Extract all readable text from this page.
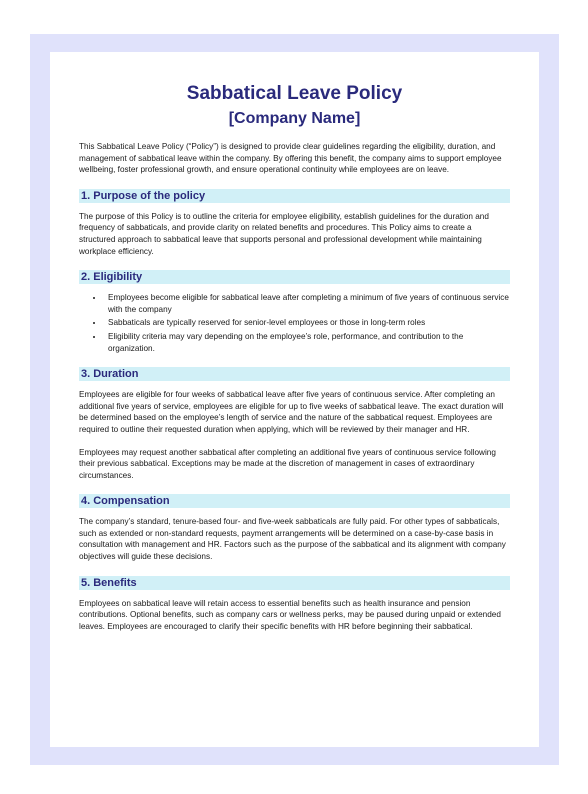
Sabbatical Leave Policy
[Company Name]

This Sabbatical Leave Policy (“Policy”) is designed to provide clear guidelines regarding the eligibility, duration, and management of sabbatical leave within the company. By offering this benefit, the company aims to support employee wellbeing, foster professional growth, and ensure operational continuity while employees are on leave.

1. Purpose of the policy

The purpose of this Policy is to outline the criteria for employee eligibility, establish guidelines for the duration and frequency of sabbaticals, and provide clarity on related benefits and procedures. This Policy aims to create a structured approach to sabbatical leave that supports personal and professional development while maintaining workplace efficiency.

2. Eligibility
• Employees become eligible for sabbatical leave after completing a minimum of five years of continuous service with the company
• Sabbaticals are typically reserved for senior-level employees or those in long-term roles
• Eligibility criteria may vary depending on the employee’s role, performance, and contribution to the organization.
3. Duration

Employees are eligible for four weeks of sabbatical leave after five years of continuous service. After completing an additional five years of service, employees are eligible for up to five weeks of sabbatical leave. The exact duration will be determined based on the employee’s length of service and the nature of the sabbatical request. Employees are required to outline their requested duration when applying, which will be reviewed by their manager and HR.

Employees may request another sabbatical after completing an additional five years of continuous service following their previous sabbatical. Exceptions may be made at the discretion of management in cases of extraordinary circumstances.

4. Compensation

The company’s standard, tenure-based four- and five-week sabbaticals are fully paid. For other types of sabbaticals, such as extended or non-standard requests, payment arrangements will be determined on a case-by-case basis in consultation with management and HR. Factors such as the purpose of the sabbatical and its alignment with company objectives will guide these decisions.

5. Benefits

Employees on sabbatical leave will retain access to essential benefits such as health insurance and pension contributions. Optional benefits, such as company cars or wellness perks, may be paused during unpaid or extended leaves. Employees are encouraged to clarify their specific benefits with HR before beginning their sabbatical.
